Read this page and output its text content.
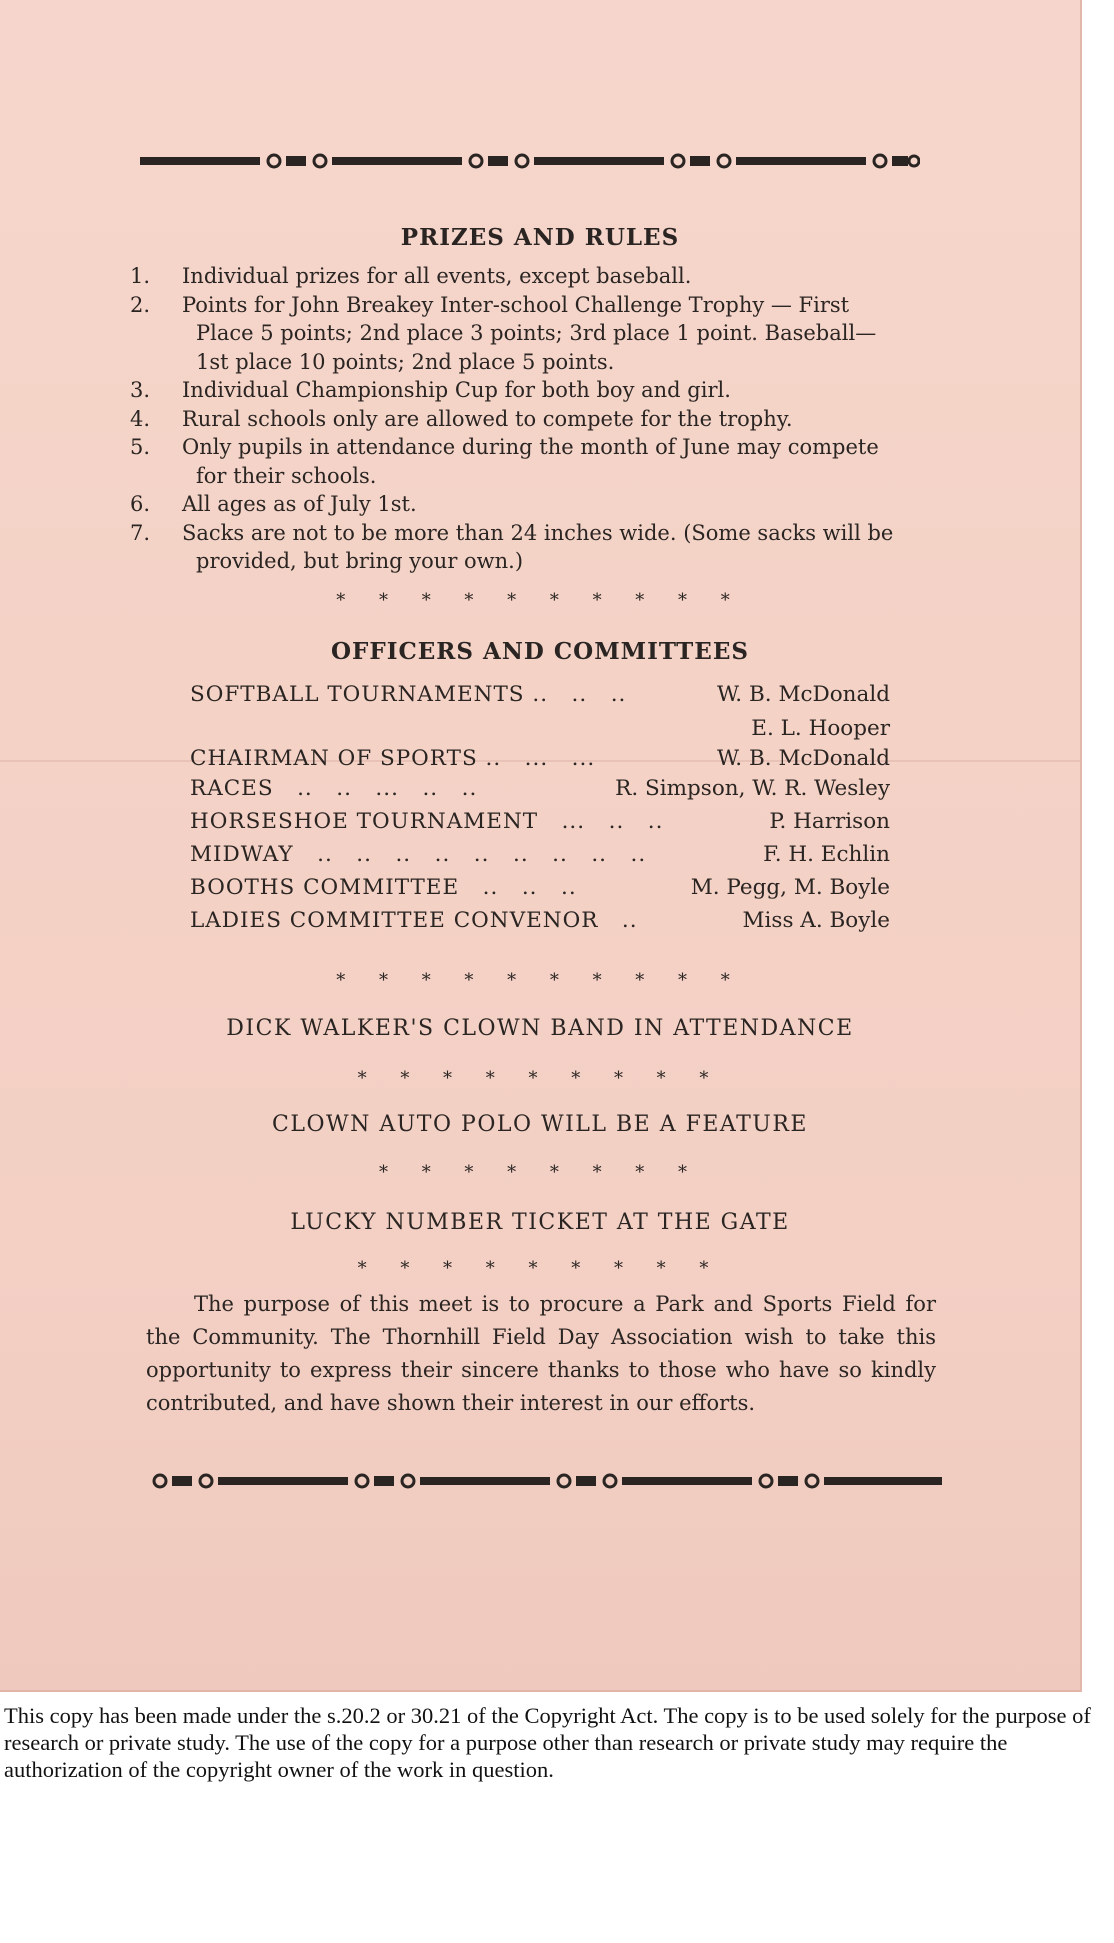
PRIZES AND RULES
1.	Individual prizes for all events, except baseball.
2.	Points for John Breakey Inter-school Challenge Trophy — First
Place 5 points; 2nd place 3 points; 3rd place 1 point. Baseball—
1st place 10 points; 2nd place 5 points.
3.	Individual Championship Cup for both boy and girl.
4.	Rural schools only are allowed to compete for the trophy.
5.	Only pupils in attendance during the month of June may compete
for their schools.
6.	All ages as of July 1st.
7.	Sacks are not to be more than 24 inches wide. (Some sacks will be
provided, but bring your own.)
* * * * * * * * * *
OFFICERS AND COMMITTEES
SOFTBALL TOURNAMENTS ..   ..   ..	W. B. McDonald
E. L. Hooper
CHAIRMAN OF SPORTS ..   ...   ...	W. B. McDonald
RACES   ..   ..   ...   ..   ..	R. Simpson, W. R. Wesley
HORSESHOE TOURNAMENT   ...   ..   ..	P. Harrison
MIDWAY   ..   ..   ..   ..   ..   ..   ..   ..   ..	F. H. Echlin
BOOTHS COMMITTEE   ..   ..   ..	M. Pegg, M. Boyle
LADIES COMMITTEE CONVENOR   ..	Miss A. Boyle
* * * * * * * * * *
DICK WALKER'S CLOWN BAND IN ATTENDANCE
* * * * * * * * *
CLOWN AUTO POLO WILL BE A FEATURE
* * * * * * * *
LUCKY NUMBER TICKET AT THE GATE
* * * * * * * * *

The purpose of this meet is to procure a Park and Sports Field for the Community. The Thornhill Field Day Association wish to take this opportunity to express their sincere thanks to those who have so kindly contributed, and have shown their interest in our efforts.

This copy has been made under the s.20.2 or 30.21 of the Copyright Act. The copy is to be used solely for the purpose of research or private study. The use of the copy for a purpose other than research or private study may require the authorization of the copyright owner of the work in question.
